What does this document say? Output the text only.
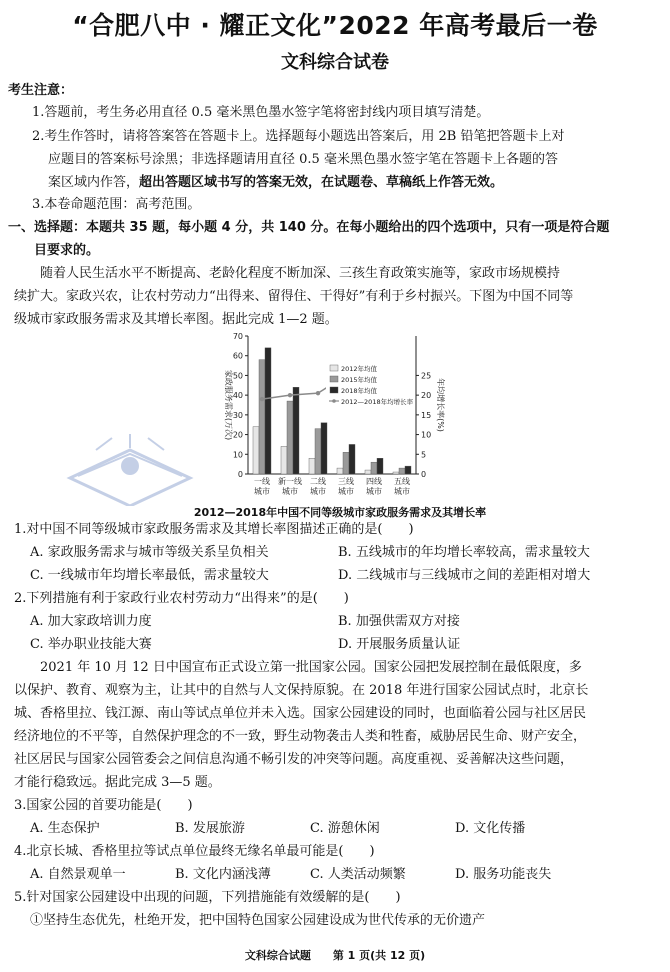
“合肥八中 · 耀正文化”2022 年高考最后一卷
文科综合试卷
考生注意：
1.答题前，考生务必用直径 0.5 毫米黑色墨水签字笔将密封线内项目填写清楚。
2.考生作答时，请将答案答在答题卡上。选择题每小题选出答案后，用 2B 铅笔把答题卡上对
应题目的答案标号涂黑；非选择题请用直径 0.5 毫米黑色墨水签字笔在答题卡上各题的答
案区域内作答，超出答题区域书写的答案无效，在试题卷、草稿纸上作答无效。
3.本卷命题范围：高考范围。
一、选择题：本题共 35 题，每小题 4 分，共 140 分。在每小题给出的四个选项中，只有一项是符合题
目要求的。
随着人民生活水平不断提高、老龄化程度不断加深、三孩生育政策实施等，家政市场规模持
续扩大。家政兴农，让农村劳动力“出得来、留得住、干得好”有利于乡村振兴。下图为中国不同等
级城市家政服务需求及其增长率图。据此完成 1—2 题。
0
10
20
30
40
50
60
70
0
5
10
15
20
25
家政服务需求(万次)	年均增长率(%)
一线
城市
新一线
城市
二线
城市
三线
城市
四线
城市
五线
城市
2012年均值
2015年均值
2018年均值
2012—2018年均增长率
2012—2018年中国不同等级城市家政服务需求及其增长率
1.对中国不同等级城市家政服务需求及其增长率图描述正确的是(　　)
A. 家政服务需求与城市等级关系呈负相关	B. 五线城市的年均增长率较高，需求量较大
C. 一线城市年均增长率最低，需求量较大	D. 二线城市与三线城市之间的差距相对增大
2.下列措施有利于家政行业农村劳动力“出得来”的是(　　)
A. 加大家政培训力度	B. 加强供需双方对接
C. 举办职业技能大赛	D. 开展服务质量认证
2021 年 10 月 12 日中国宣布正式设立第一批国家公园。国家公园把发展控制在最低限度，多
以保护、教育、观察为主，让其中的自然与人文保持原貌。在 2018 年进行国家公园试点时，北京长
城、香格里拉、钱江源、南山等试点单位并未入选。国家公园建设的同时，也面临着公园与社区居民
经济地位的不平等，自然保护理念的不一致，野生动物袭击人类和牲畜，威胁居民生命、财产安全，
社区居民与国家公园管委会之间信息沟通不畅引发的冲突等问题。高度重视、妥善解决这些问题，
才能行稳致远。据此完成 3—5 题。
3.国家公园的首要功能是(　　)
A. 生态保护	B. 发展旅游	C. 游憩休闲	D. 文化传播
4.北京长城、香格里拉等试点单位最终无缘名单最可能是(　　)
A. 自然景观单一	B. 文化内涵浅薄	C. 人类活动频繁	D. 服务功能丧失
5.针对国家公园建设中出现的问题，下列措施能有效缓解的是(　　)
①坚持生态优先，杜绝开发，把中国特色国家公园建设成为世代传承的无价遗产
文科综合试题　　第 1 页(共 12 页)
